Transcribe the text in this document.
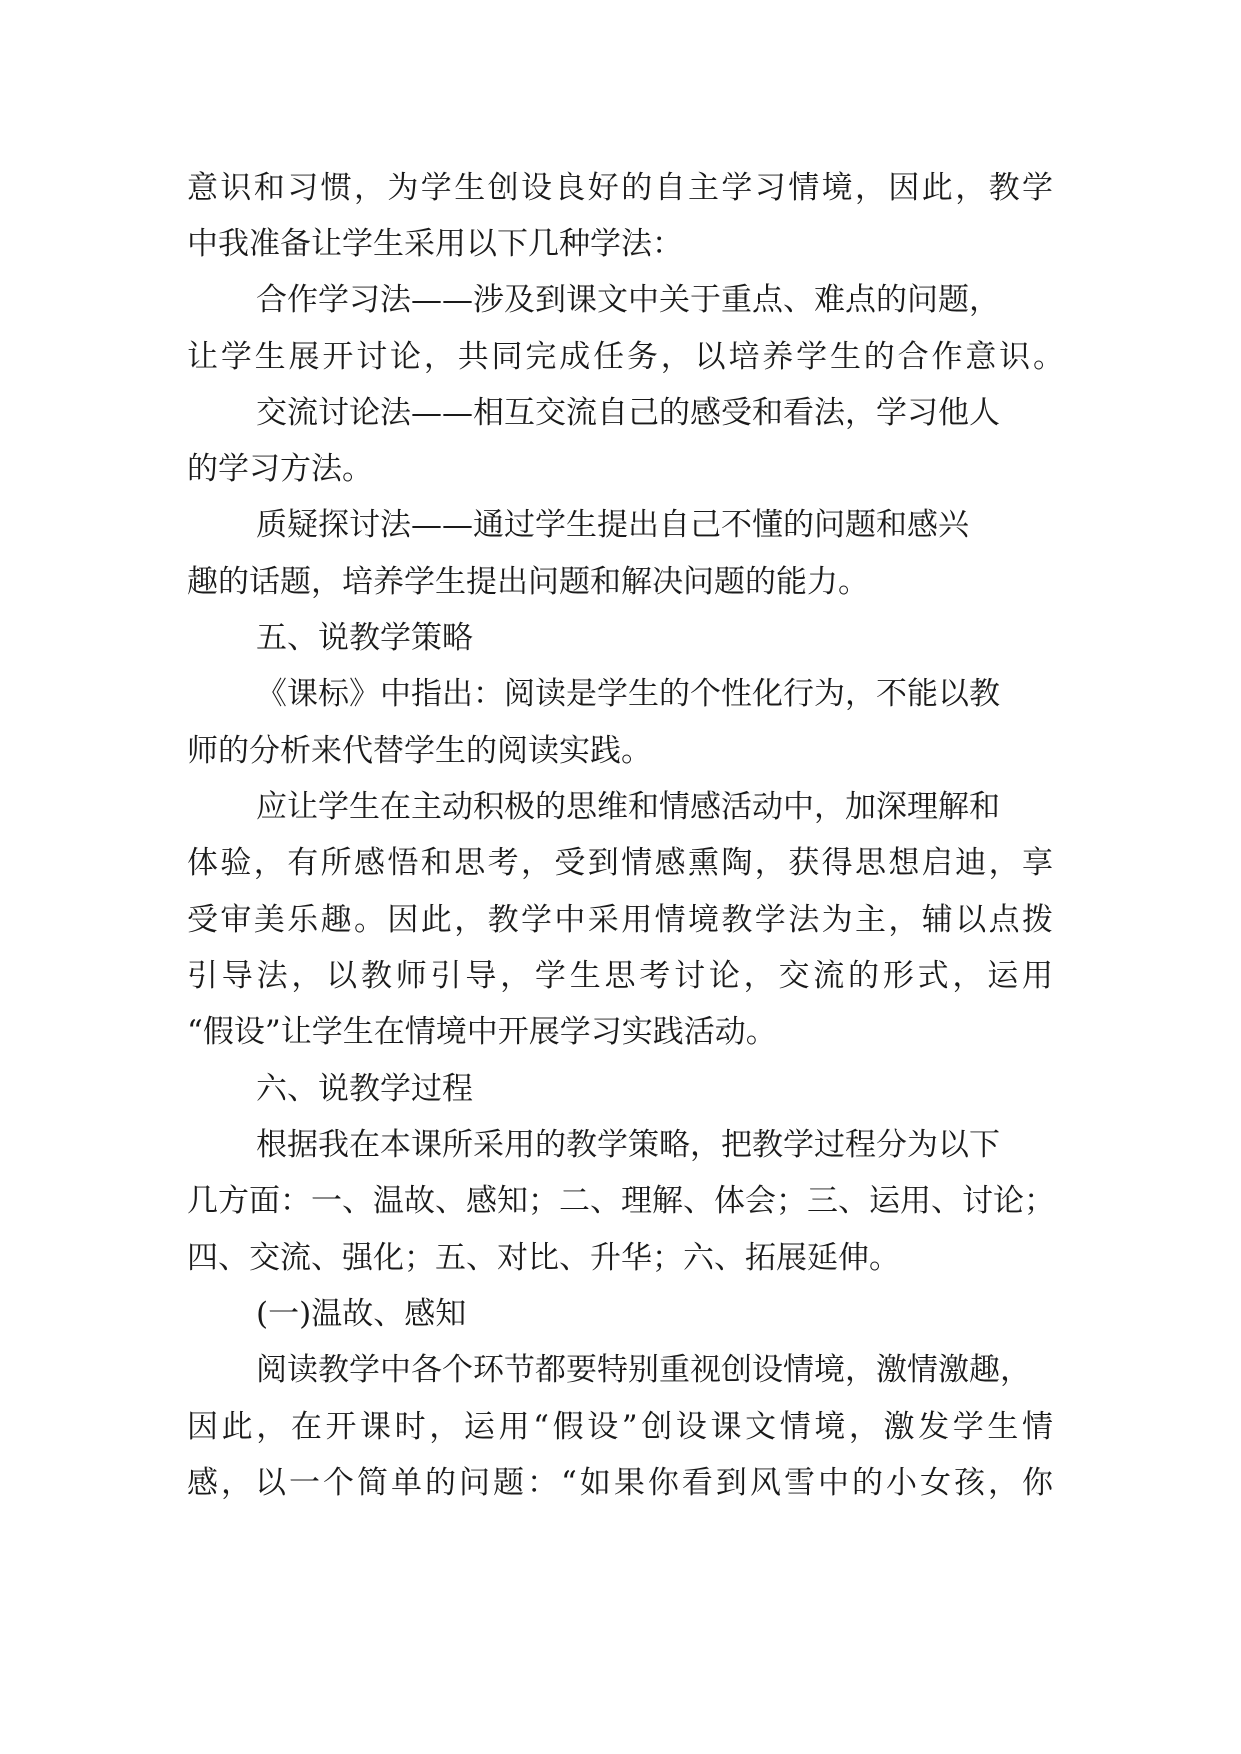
意识和习惯，为学生创设良好的自主学习情境，因此，教学
中我准备让学生采用以下几种学法：
合作学习法——涉及到课文中关于重点、难点的问题，
让学生展开讨论，共同完成任务，以培养学生的合作意识。
交流讨论法——相互交流自己的感受和看法，学习他人
的学习方法。
质疑探讨法——通过学生提出自己不懂的问题和感兴
趣的话题，培养学生提出问题和解决问题的能力。
五、说教学策略
《课标》中指出：阅读是学生的个性化行为，不能以教
师的分析来代替学生的阅读实践。
应让学生在主动积极的思维和情感活动中，加深理解和
体验，有所感悟和思考，受到情感熏陶，获得思想启迪，享
受审美乐趣。因此，教学中采用情境教学法为主，辅以点拨
引导法，以教师引导，学生思考讨论，交流的形式，运用
“假设”让学生在情境中开展学习实践活动。
六、说教学过程
根据我在本课所采用的教学策略，把教学过程分为以下
几方面：一、温故、感知；二、理解、体会；三、运用、讨论；
四、交流、强化；五、对比、升华；六、拓展延伸。
(一)温故、感知
阅读教学中各个环节都要特别重视创设情境，激情激趣，
因此，在开课时，运用“假设”创设课文情境，激发学生情
感，以一个简单的问题：“如果你看到风雪中的小女孩，你
